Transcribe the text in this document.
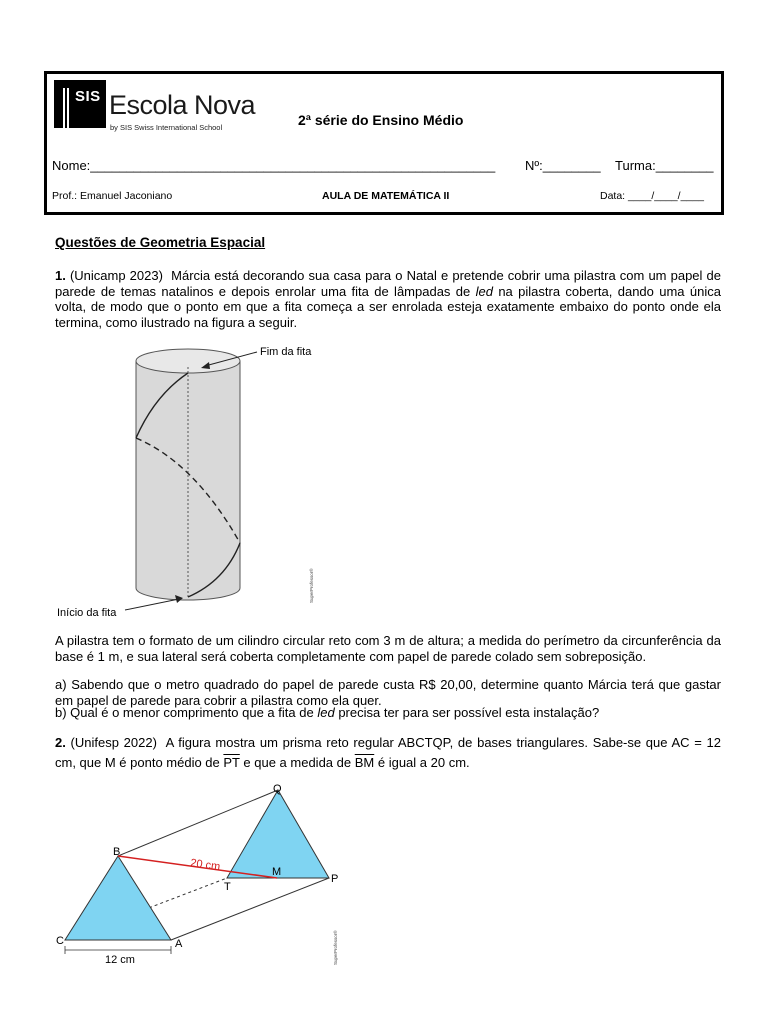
SIS Escola Nova
by SIS Swiss International School	2ª série do Ensino Médio
Nome:________________________________________________________ Nº:________ Turma:________
Prof.: Emanuel Jaconiano	AULA DE MATEMÁTICA II	Data: ____/____/____
Questões de Geometria Espacial
1. (Unicamp 2023) Márcia está decorando sua casa para o Natal e pretende cobrir uma pilastra com um papel de parede de temas natalinos e depois enrolar uma fita de lâmpadas de led na pilastra coberta, dando uma única volta, de modo que o ponto em que a fita começa a ser enrolada esteja exatamente embaixo do ponto onde ela termina, como ilustrado na figura a seguir.
Fim da fita
Início da fita
SuperProfessor®
A pilastra tem o formato de um cilindro circular reto com 3 m de altura; a medida do perímetro da circunferência da base é 1 m, e sua lateral será coberta completamente com papel de parede colado sem sobreposição.
a) Sabendo que o metro quadrado do papel de parede custa R$ 20,00, determine quanto Márcia terá que gastar em papel de parede para cobrir a pilastra como ela quer.
b) Qual é o menor comprimento que a fita de led precisa ter para ser possível esta instalação?
2. (Unifesp 2022) A figura mostra um prisma reto regular ABCTQP, de bases triangulares. Sabe-se que AC = 12 cm, que M é ponto médio de $\overline{PT}$ e que a medida de $\overline{BM}$ é igual a 20 cm.
Q
B
T
M
P
C	A
20 cm
12 cm	SuperProfessor®
